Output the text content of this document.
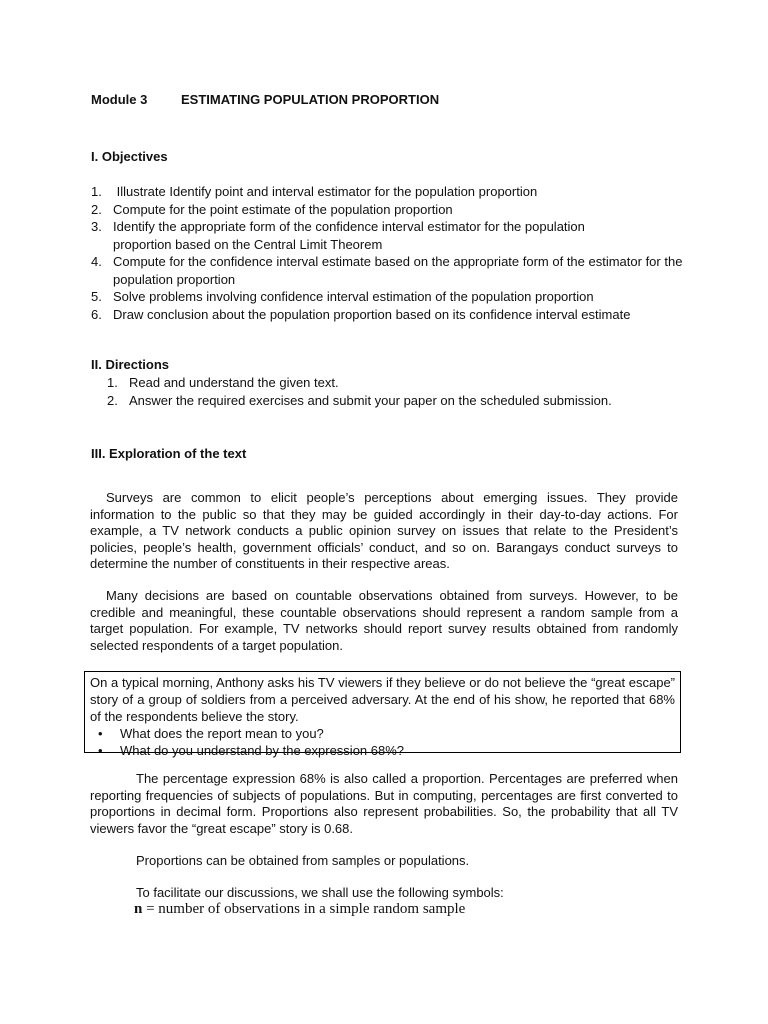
Module 3	ESTIMATING POPULATION PROPORTION
I. Objectives
1. Illustrate Identify point and interval estimator for the population proportion
2. Compute for the point estimate of the population proportion
3. Identify the appropriate form of the confidence interval estimator for the population proportion based on the Central Limit Theorem
4. Compute for the confidence interval estimate based on the appropriate form of the estimator for the population proportion
5. Solve problems involving confidence interval estimation of the population proportion
6. Draw conclusion about the population proportion based on its confidence interval estimate
II. Directions
1. Read and understand the given text.
2. Answer the required exercises and submit your paper on the scheduled submission.
III. Exploration of the text
Surveys are common to elicit people’s perceptions about emerging issues. They provide information to the public so that they may be guided accordingly in their day-to-day actions. For example, a TV network conducts a public opinion survey on issues that relate to the President’s policies, people’s health, government officials’ conduct, and so on. Barangays conduct surveys to determine the number of constituents in their respective areas.
Many decisions are based on countable observations obtained from surveys. However, to be credible and meaningful, these countable observations should represent a random sample from a target population. For example, TV networks should report survey results obtained from randomly selected respondents of a target population.
On a typical morning, Anthony asks his TV viewers if they believe or do not believe the “great escape” story of a group of soldiers from a perceived adversary. At the end of his show, he reported that 68% of the respondents believe the story.
• What does the report mean to you?
• What do you understand by the expression 68%?
The percentage expression 68% is also called a proportion. Percentages are preferred when reporting frequencies of subjects of populations. But in computing, percentages are first converted to proportions in decimal form. Proportions also represent probabilities. So, the probability that all TV viewers favor the “great escape” story is 0.68.
Proportions can be obtained from samples or populations.
To facilitate our discussions, we shall use the following symbols:
n = number of observations in a simple random sample
